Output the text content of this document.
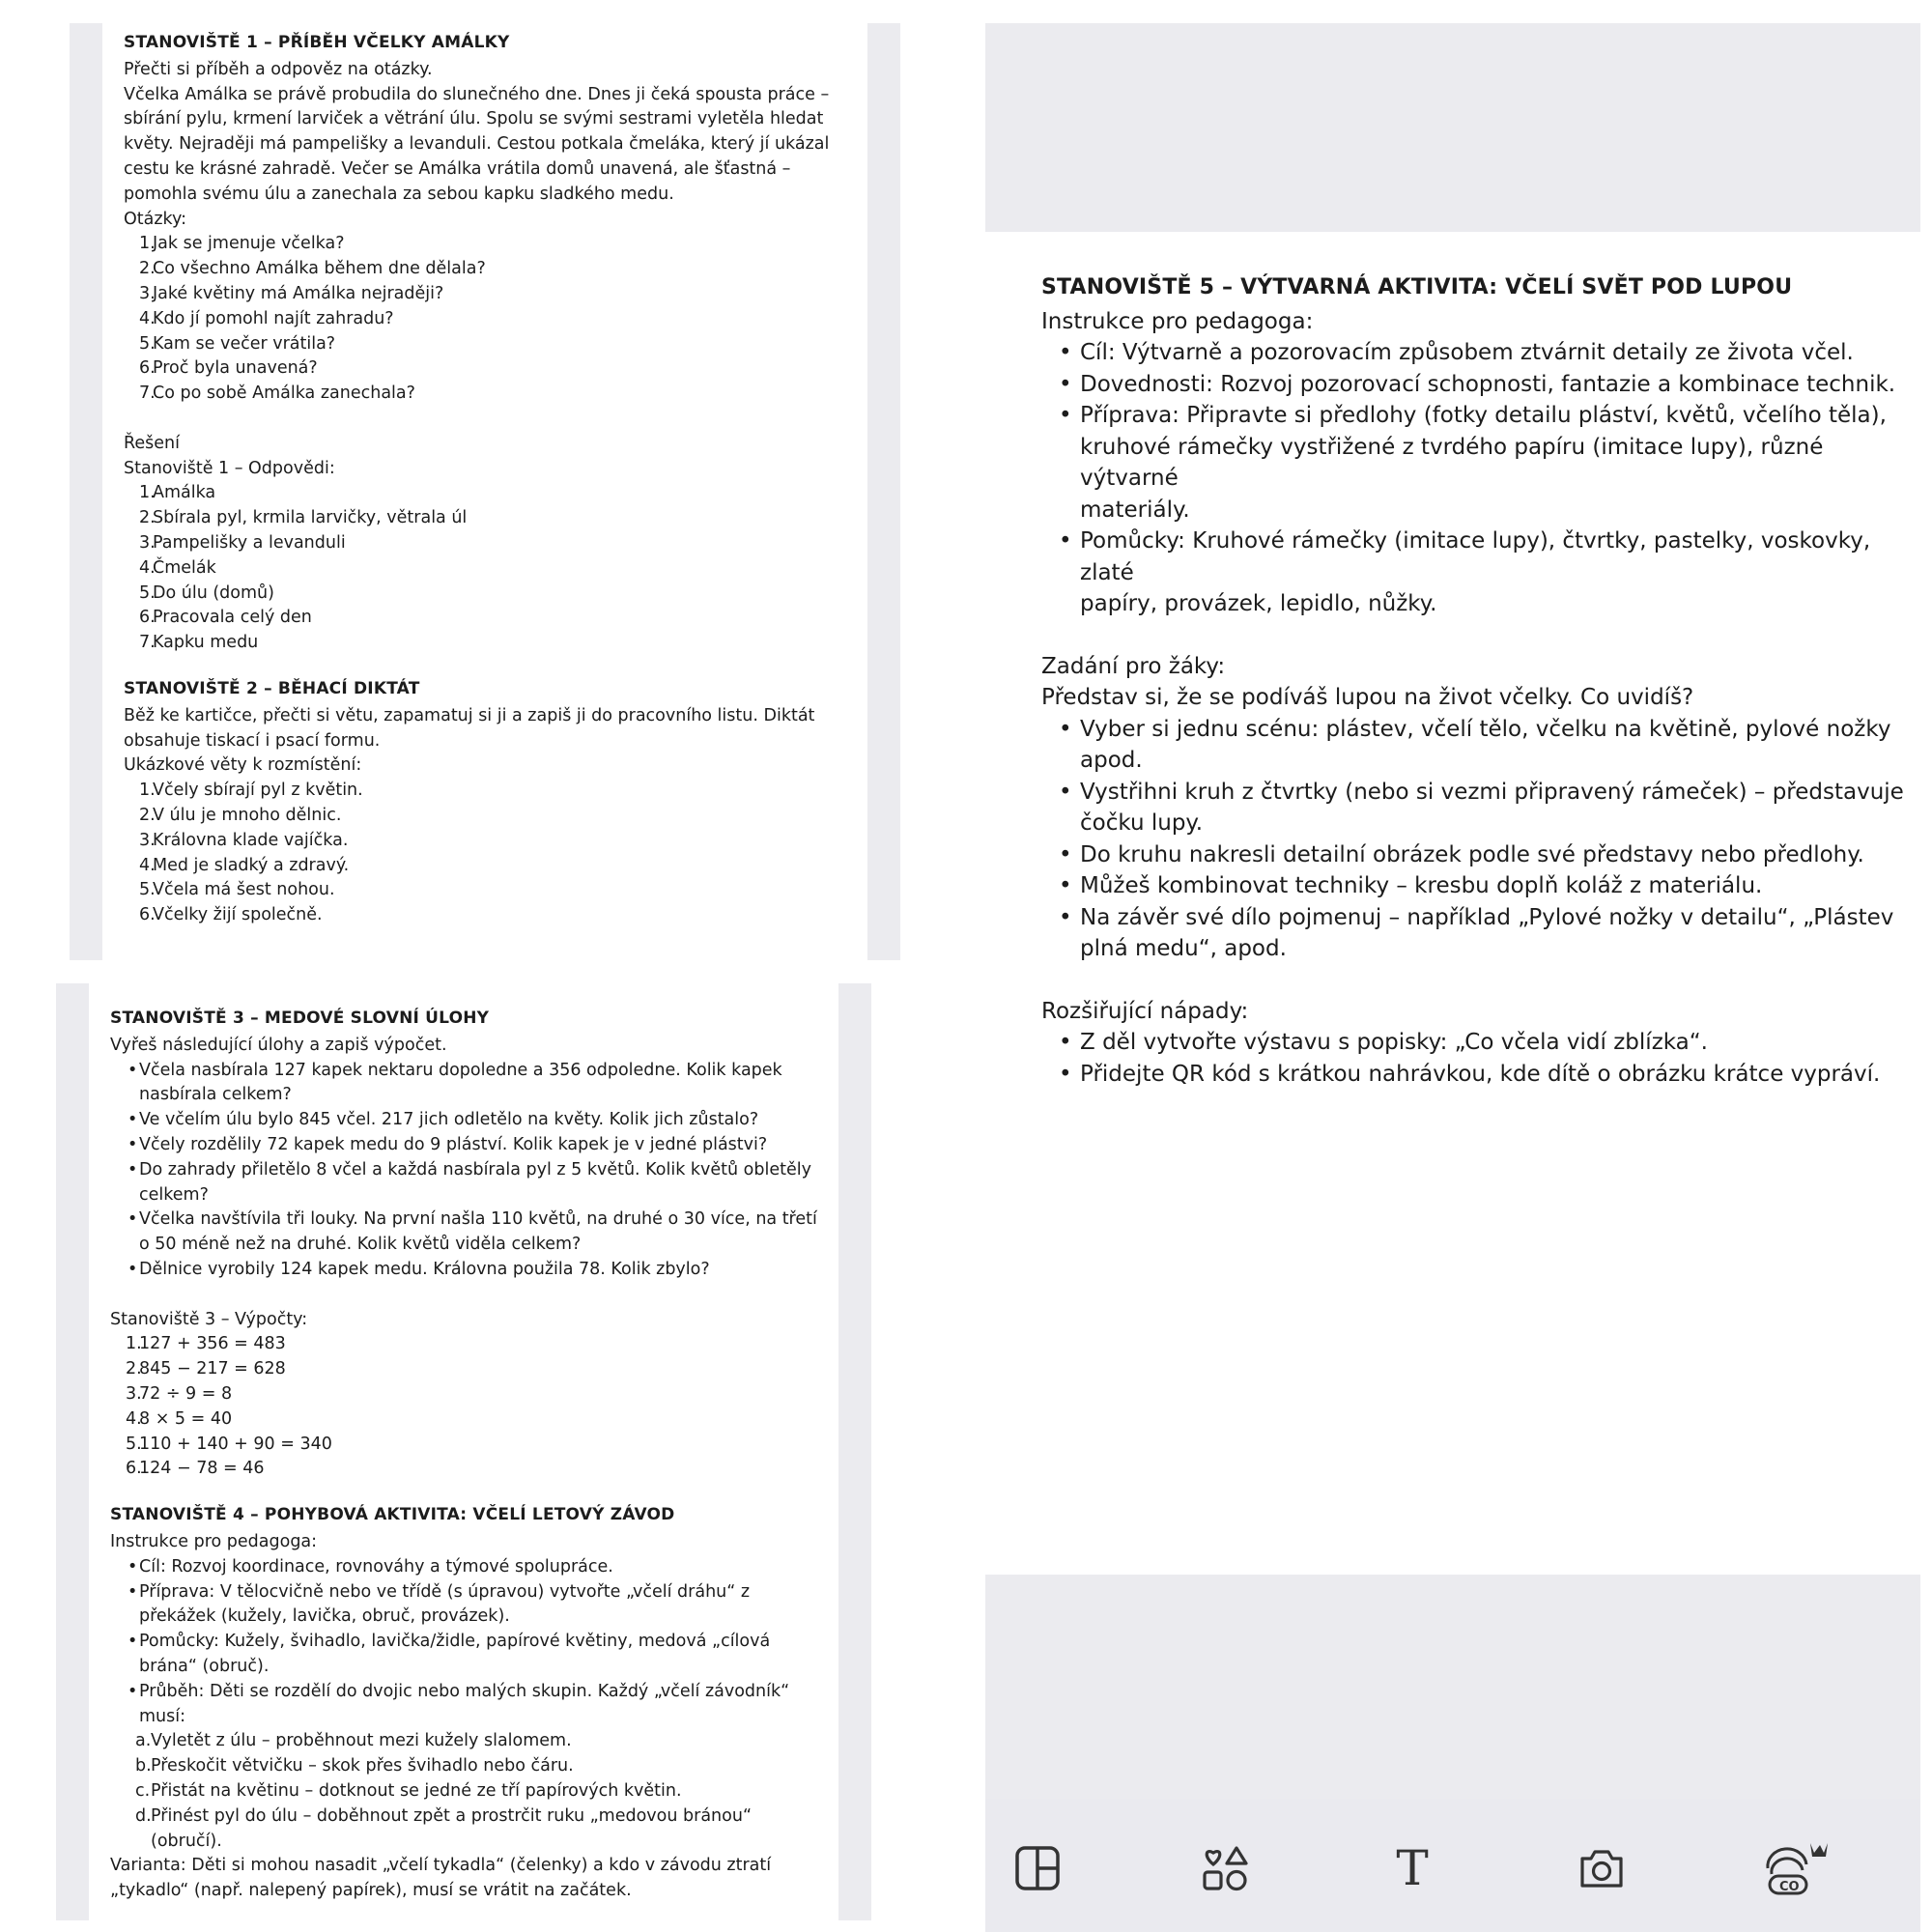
STANOVIŠTĚ 1 – PŘÍBĚH VČELKY AMÁLKY

Přečti si příběh a odpověz na otázky.

Včelka Amálka se právě probudila do slunečného dne. Dnes ji čeká spousta práce –

sbírání pylu, krmení larviček a větrání úlu. Spolu se svými sestrami vyletěla hledat

květy. Nejraději má pampelišky a levanduli. Cestou potkala čmeláka, který jí ukázal

cestu ke krásné zahradě. Večer se Amálka vrátila domů unavená, ale šťastná –

pomohla svému úlu a zanechala za sebou kapku sladkého medu.

Otázky:

1.
Jak se jmenuje včelka?
2.
Co všechno Amálka během dne dělala?
3.
Jaké květiny má Amálka nejraději?
4.
Kdo jí pomohl najít zahradu?
5.
Kam se večer vrátila?
6.
Proč byla unavená?
7.
Co po sobě Amálka zanechala?

Řešení

Stanoviště 1 – Odpovědi:

1.
Amálka
2.
Sbírala pyl, krmila larvičky, větrala úl
3.
Pampelišky a levanduli
4.
Čmelák
5.
Do úlu (domů)
6.
Pracovala celý den
7.
Kapku medu
STANOVIŠTĚ 2 – BĚHACÍ DIKTÁT

Běž ke kartičce, přečti si větu, zapamatuj si ji a zapiš ji do pracovního listu. Diktát

obsahuje tiskací i psací formu.

Ukázkové věty k rozmístění:

1.
Včely sbírají pyl z květin.
2.
V úlu je mnoho dělnic.
3.
Královna klade vajíčka.
4.
Med je sladký a zdravý.
5.
Včela má šest nohou.
6.
Včelky žijí společně.
STANOVIŠTĚ 3 – MEDOVÉ SLOVNÍ ÚLOHY

Vyřeš následující úlohy a zapiš výpočet.

• Včela nasbírala 127 kapek nektaru dopoledne a 356 odpoledne. Kolik kapek
nasbírala celkem?
• Ve včelím úlu bylo 845 včel. 217 jich odletělo na květy. Kolik jich zůstalo?
• Včely rozdělily 72 kapek medu do 9 pláství. Kolik kapek je v jedné plástvi?
• Do zahrady přiletělo 8 včel a každá nasbírala pyl z 5 květů. Kolik květů obletěly
celkem?
• Včelka navštívila tři louky. Na první našla 110 květů, na druhé o 30 více, na třetí
o 50 méně než na druhé. Kolik květů viděla celkem?
• Dělnice vyrobily 124 kapek medu. Královna použila 78. Kolik zbylo?

Stanoviště 3 – Výpočty:

1.
127 + 356 = 483
2.
845 − 217 = 628
3.
72 ÷ 9 = 8
4.
8 × 5 = 40
5.
110 + 140 + 90 = 340
6.
124 − 78 = 46
STANOVIŠTĚ 4 – POHYBOVÁ AKTIVITA: VČELÍ LETOVÝ ZÁVOD

Instrukce pro pedagoga:

• Cíl: Rozvoj koordinace, rovnováhy a týmové spolupráce.
• Příprava: V tělocvičně nebo ve třídě (s úpravou) vytvořte „včelí dráhu“ z
překážek (kužely, lavička, obruč, provázek).
• Pomůcky: Kužely, švihadlo, lavička/židle, papírové květiny, medová „cílová
brána“ (obruč).
• Průběh: Děti se rozdělí do dvojic nebo malých skupin. Každý „včelí závodník“
musí:
a. Vyletět z úlu – proběhnout mezi kužely slalomem.
b. Přeskočit větvičku – skok přes švihadlo nebo čáru.
c. Přistát na květinu – dotknout se jedné ze tří papírových květin.
d. Přinést pyl do úlu – doběhnout zpět a prostrčit ruku „medovou bránou“
(obručí).

Varianta: Děti si mohou nasadit „včelí tykadla“ (čelenky) a kdo v závodu ztratí

„tykadlo“ (např. nalepený papírek), musí se vrátit na začátek.

STANOVIŠTĚ 5 – VÝTVARNÁ AKTIVITA: VČELÍ SVĚT POD LUPOU

Instrukce pro pedagoga:

• Cíl: Výtvarně a pozorovacím způsobem ztvárnit detaily ze života včel.
• Dovednosti: Rozvoj pozorovací schopnosti, fantazie a kombinace technik.
• Příprava: Připravte si předlohy (fotky detailu pláství, květů, včelího těla),
kruhové rámečky vystřižené z tvrdého papíru (imitace lupy), různé výtvarné
materiály.
• Pomůcky: Kruhové rámečky (imitace lupy), čtvrtky, pastelky, voskovky, zlaté
papíry, provázek, lepidlo, nůžky.

Zadání pro žáky:

Představ si, že se podíváš lupou na život včelky. Co uvidíš?

• Vyber si jednu scénu: plástev, včelí tělo, včelku na květině, pylové nožky
apod.
• Vystřihni kruh z čtvrtky (nebo si vezmi připravený rámeček) – představuje
čočku lupy.
• Do kruhu nakresli detailní obrázek podle své představy nebo předlohy.
• Můžeš kombinovat techniky – kresbu doplň koláž z materiálu.
• Na závěr své dílo pojmenuj – například „Pylové nožky v detailu“, „Plástev
plná medu“, apod.

Rozšiřující nápady:

• Z děl vytvořte výstavu s popisky: „Co včela vidí zblízka“.
• Přidejte QR kód s krátkou nahrávkou, kde dítě o obrázku krátce vypráví.
T	CO
